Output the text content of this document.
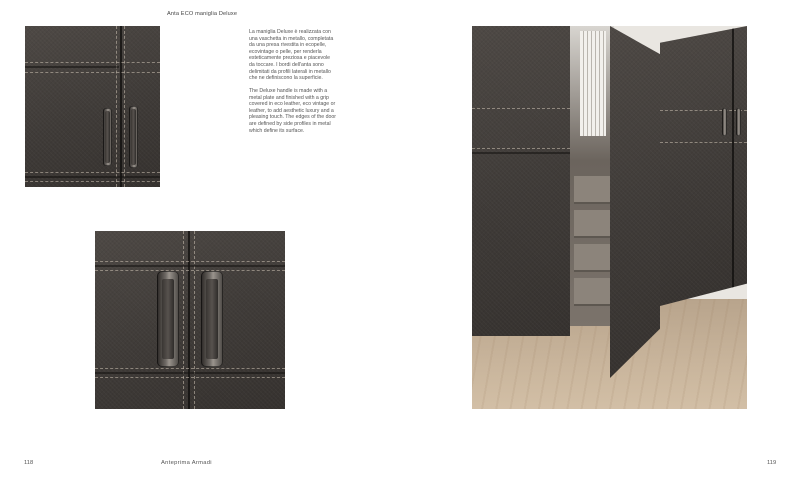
Anta ECO maniglia Deluxe
La maniglia Deluxe è realizzata con
una vaschetta in metallo, completata
da una presa rivestita in ecopelle,
ecovintage o pelle, per renderla
esteticamente preziosa e piacevole
da toccare. I bordi dell'anta sono
delimitati da profili laterali in metallo
che ne definiscono la superficie.
The Deluxe handle is made with a
metal plate and finished with a grip
covered in eco leather, eco vintage or
leather, to add aesthetic luxury and a
pleasing touch. The edges of the door
are defined by side profiles in metal
which define its surface.
118	Anteprima Armadi	119
